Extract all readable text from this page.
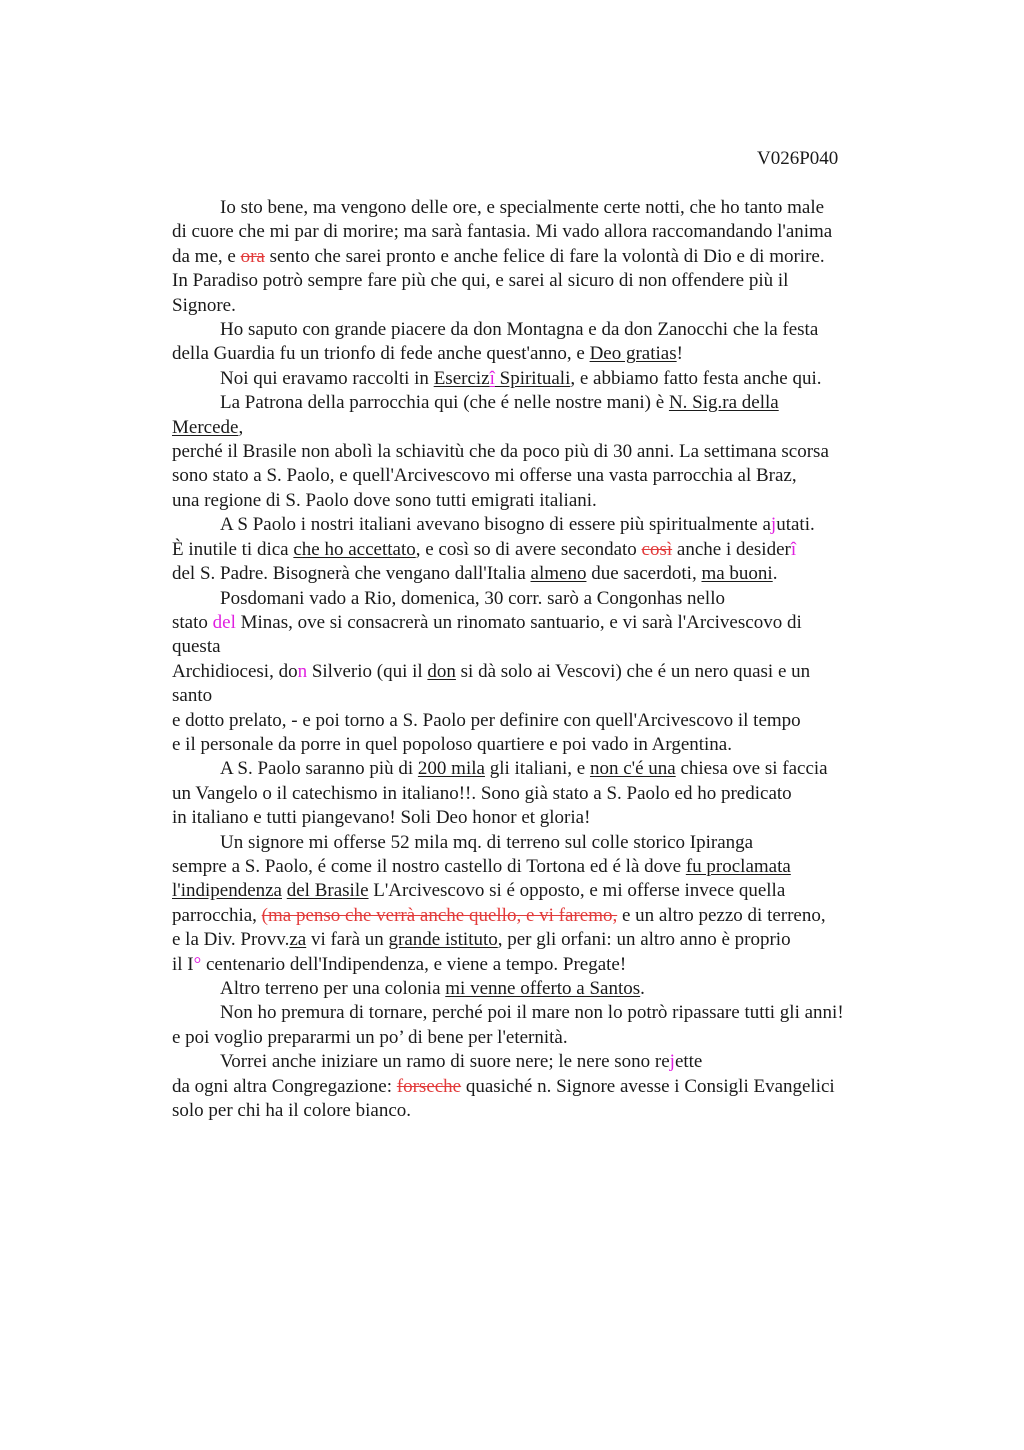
V026P040
Io sto bene, ma vengono delle ore, e specialmente certe notti, che ho tanto male
di cuore che mi par di morire; ma sarà fantasia. Mi vado allora raccomandando l'anima
da me, e ora sento che sarei pronto e anche felice di fare la volontà di Dio e di morire.
In Paradiso potrò sempre fare più che qui, e sarei al sicuro di non offendere più il
Signore.
Ho saputo con grande piacere da don Montagna e da don Zanocchi che la festa
della Guardia fu un trionfo di fede anche quest'anno, e Deo gratias!
Noi qui eravamo raccolti in Esercizî Spirituali, e abbiamo fatto festa anche qui.
La Patrona della parrocchia qui (che é nelle nostre mani) è N. Sig.ra della
Mercede,
perché il Brasile non abolì la schiavitù che da poco più di 30 anni. La settimana scorsa
sono stato a S. Paolo, e quell'Arcivescovo mi offerse una vasta parrocchia al Braz,
una regione di S. Paolo dove sono tutti emigrati italiani.
A S Paolo i nostri italiani avevano bisogno di essere più spiritualmente ajutati.
È inutile ti dica che ho accettato, e così so di avere secondato così anche i desiderî
del S. Padre. Bisognerà che vengano dall'Italia almeno due sacerdoti, ma buoni.
Posdomani vado a Rio, domenica, 30 corr. sarò a Congonhas nello
stato del Minas, ove si consacrerà un rinomato santuario, e vi sarà l'Arcivescovo di
questa
Archidiocesi, don Silverio (qui il don si dà solo ai Vescovi) che é un nero quasi e un
santo
e dotto prelato, - e poi torno a S. Paolo per definire con quell'Arcivescovo il tempo
e il personale da porre in quel popoloso quartiere e poi vado in Argentina.
A S. Paolo saranno più di 200 mila gli italiani, e non c'é una chiesa ove si faccia
un Vangelo o il catechismo in italiano!!. Sono già stato a S. Paolo ed ho predicato
in italiano e tutti piangevano! Soli Deo honor et gloria!
Un signore mi offerse 52 mila mq. di terreno sul colle storico Ipiranga
sempre a S. Paolo, é come il nostro castello di Tortona ed é là dove fu proclamata
l'indipendenza del Brasile L'Arcivescovo si é opposto, e mi offerse invece quella
parrocchia, (ma penso che verrà anche quello, e vi faremo, e un altro pezzo di terreno,
e la Div. Provv.za vi farà un grande istituto, per gli orfani: un altro anno è proprio
il I° centenario dell'Indipendenza, e viene a tempo. Pregate!
Altro terreno per una colonia mi venne offerto a Santos.
Non ho premura di tornare, perché poi il mare non lo potrò ripassare tutti gli anni!
e poi voglio prepararmi un po’ di bene per l'eternità.
Vorrei anche iniziare un ramo di suore nere; le nere sono rejette
da ogni altra Congregazione: forseche quasiché n. Signore avesse i Consigli Evangelici
solo per chi ha il colore bianco.
